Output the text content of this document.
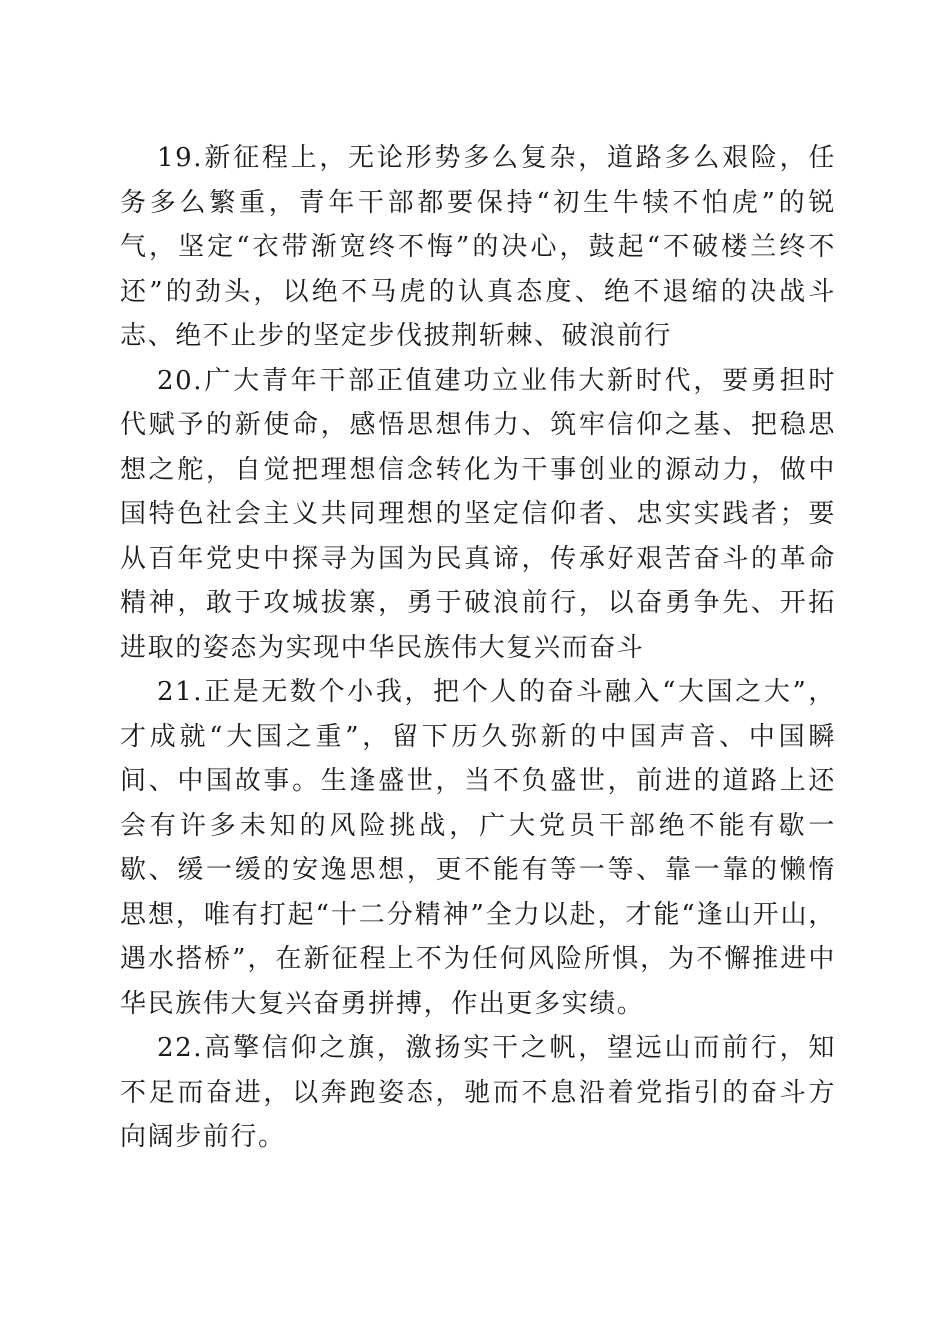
19.新征程上，无论形势多么复杂，道路多么艰险，任务多么繁重，青年干部都要保持“初生牛犊不怕虎”的锐气，坚定“衣带渐宽终不悔”的决心，鼓起“不破楼兰终不还”的劲头，以绝不马虎的认真态度、绝不退缩的决战斗志、绝不止步的坚定步伐披荆斩棘、破浪前行

20.广大青年干部正值建功立业伟大新时代，要勇担时代赋予的新使命，感悟思想伟力、筑牢信仰之基、把稳思想之舵，自觉把理想信念转化为干事创业的源动力，做中国特色社会主义共同理想的坚定信仰者、忠实实践者；要从百年党史中探寻为国为民真谛，传承好艰苦奋斗的革命精神，敢于攻城拔寨，勇于破浪前行，以奋勇争先、开拓进取的姿态为实现中华民族伟大复兴而奋斗

21.正是无数个小我，把个人的奋斗融入“大国之大”，才成就“大国之重”，留下历久弥新的中国声音、中国瞬间、中国故事。生逢盛世，当不负盛世，前进的道路上还会有许多未知的风险挑战，广大党员干部绝不能有歇一歇、缓一缓的安逸思想，更不能有等一等、靠一靠的懒惰思想，唯有打起“十二分精神”全力以赴，才能“逢山开山，遇水搭桥”，在新征程上不为任何风险所惧，为不懈推进中华民族伟大复兴奋勇拼搏，作出更多实绩。

22.高擎信仰之旗，激扬实干之帆，望远山而前行，知不足而奋进，以奔跑姿态，驰而不息沿着党指引的奋斗方向阔步前行。
